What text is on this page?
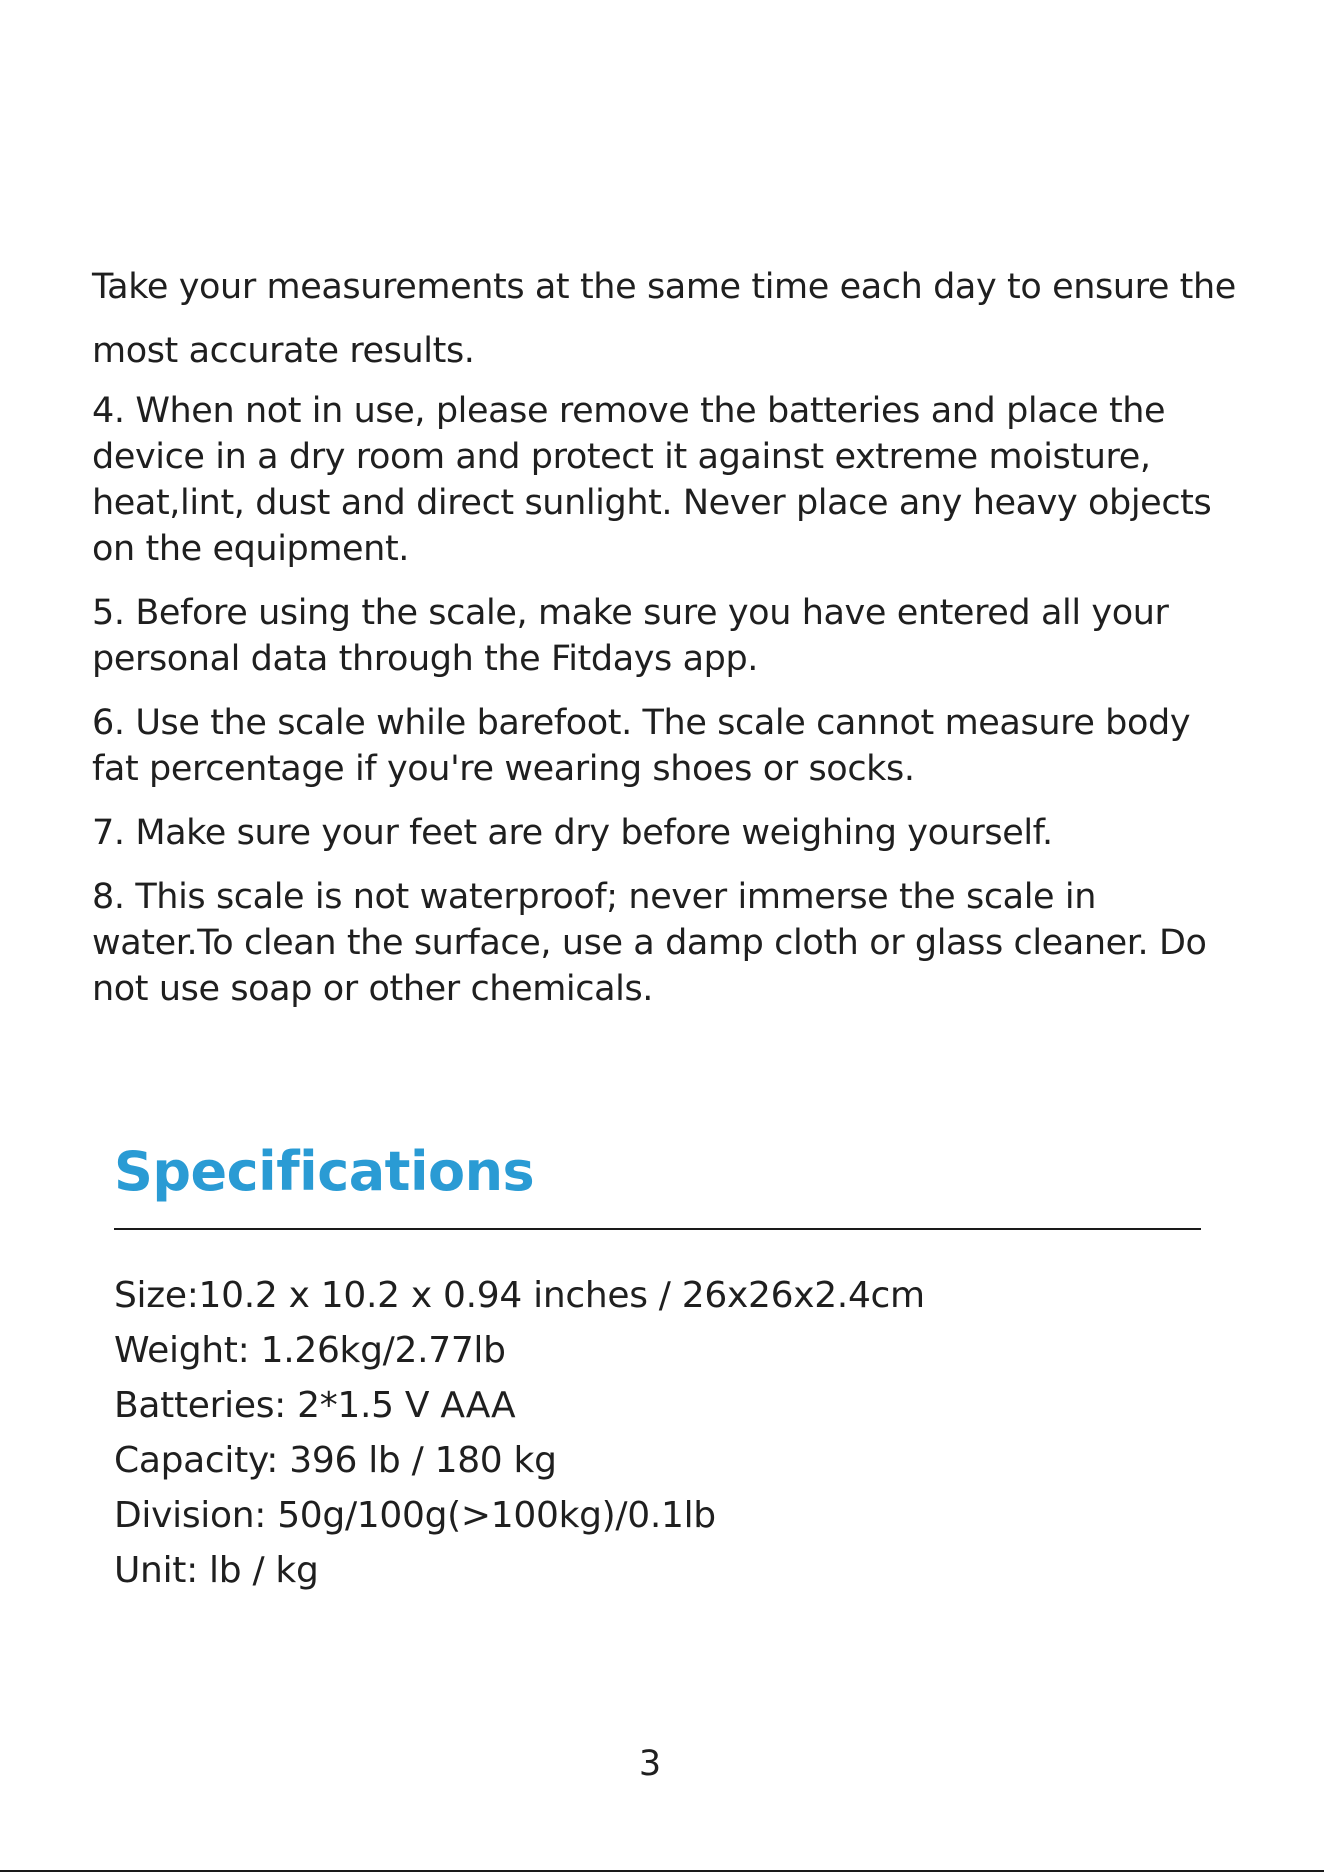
Take your measurements at the same time each day to ensure the
most accurate results.

4. When not in use, please remove the batteries and place the device in a dry room and protect it against extreme moisture, heat,lint, dust and direct sunlight. Never place any heavy objects on the equipment.
5. Before using the scale, make sure you have entered all your personal data through the Fitdays app.
6. Use the scale while barefoot. The scale cannot measure body fat percentage if you're wearing shoes or socks.
7. Make sure your feet are dry before weighing yourself.
8. This scale is not waterproof; never immerse the scale in water.To clean the surface, use a damp cloth or glass cleaner. Do not use soap or other chemicals.
Specifications
Size:10.2 x 10.2 x 0.94 inches / 26x26x2.4cm
Weight: 1.26kg/2.77lb
Batteries: 2*1.5 V AAA
Capacity: 396 lb / 180 kg
Division: 50g/100g(>100kg)/0.1lb
Unit: lb / kg

3
